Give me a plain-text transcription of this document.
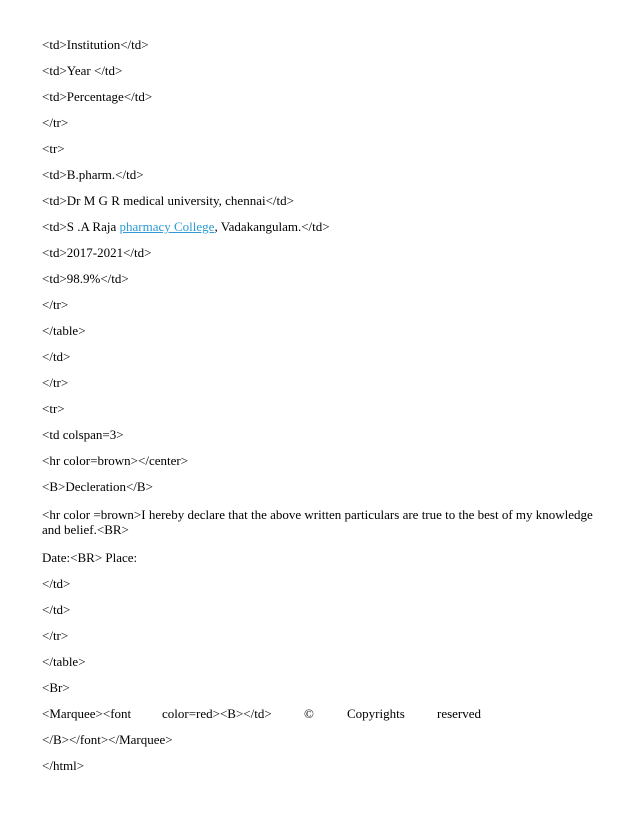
<td>Institution</td>
<td>Year </td>
<td>Percentage</td>
</tr>
<tr>
<td>B.pharm.</td>
<td>Dr M G R medical university, chennai</td>
<td>S .A Raja pharmacy College, Vadakangulam.</td>
<td>2017-2021</td>
<td>98.9%</td>
</tr>
</table>
</td>
</tr>
<tr>
<td colspan=3>
<hr color=brown></center>
<B>Decleration</B>
<hr color =brown>I hereby declare that the above written particulars are true to the best of my knowledge and belief.<BR>
Date:<BR> Place:
</td>
</td>
</tr>
</table>
<Br>

<Marquee><font

color=red><B></td>

©

	Copyrights

reserved

</B></font></Marquee>
</html>
